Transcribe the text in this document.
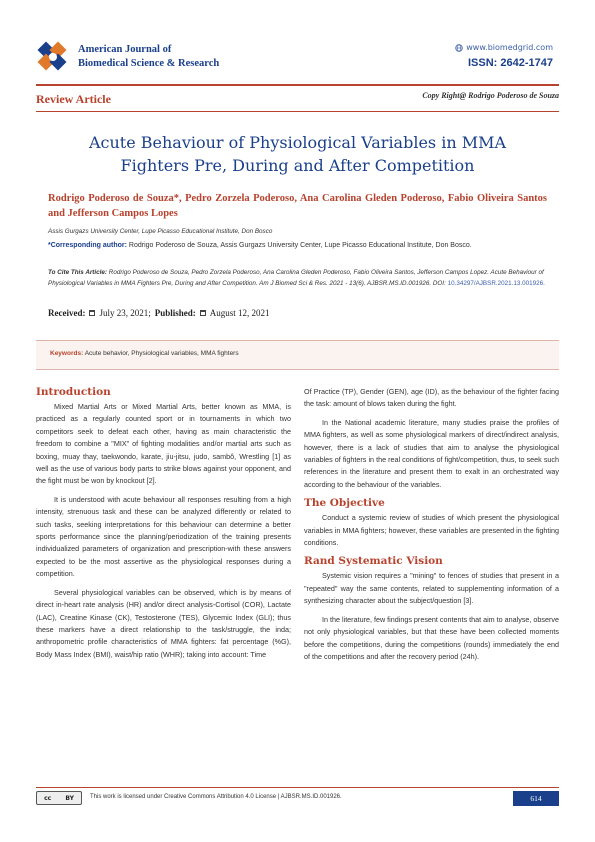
American Journal of
Biomedical Science & Research
www.biomedgrid.com
ISSN: 2642-1747
Review Article	Copy Right@ Rodrigo Poderoso de Souza
Acute Behaviour of Physiological Variables in MMA
Fighters Pre, During and After Competition
Rodrigo Poderoso de Souza*, Pedro Zorzela Poderoso, Ana Carolina Gleden Poderoso, Fabio Oliveira Santos and Jefferson Campos Lopes
Assis Gurgazs University Center, Lupe Picasso Educational Institute, Don Bosco
*Corresponding author: Rodrigo Poderoso de Souza, Assis Gurgazs University Center, Lupe Picasso Educational Institute, Don Bosco.
To Cite This Article: Rodrigo Poderoso de Souza, Pedro Zorzela Poderoso, Ana Carolina Gleden Poderoso, Fabio Oliveira Santos, Jefferson Campos Lopez. Acute Behaviour of Physiological Variables in MMA Fighters Pre, During and After Competition. Am J Biomed Sci & Res. 2021 - 13(6). AJBSR.MS.ID.001926. DOI: 10.34297/AJBSR.2021.13.001926.
Received: July 23, 2021; Published: August 12, 2021
Keywords: Acute behavior, Physiological variables, MMA fighters
Introduction

Mixed Martial Arts or Mixed Martial Arts, better known as MMA, is practiced as a regularly counted sport or in tournaments in which two competitors seek to defeat each other, having as main characteristic the freedom to combine a "MIX" of fighting modalities and/or martial arts such as boxing, muay thay, taekwondo, karate, jiu-jitsu, judo, sambô, Wrestling [1] as well as the use of various body parts to strike blows against your opponent, and the fight must be won by knockout [2].

It is understood with acute behaviour all responses resulting from a high intensity, strenuous task and these can be analyzed differently or related to such tasks, seeking interpretations for this behaviour can determine a better sports performance since the planning/periodization of the training presents individualized parameters of organization and prescription-with these answers expected to be the most assertive as the physiological responses during a competition.

Several physiological variables can be observed, which is by means of direct in-heart rate analysis (HR) and/or direct analysis-Cortisol (COR), Lactate (LAC), Creatine Kinase (CK), Testosterone (TES), Glycemic Index (GLI); thus these markers have a direct relationship to the task/struggle, the inda; anthropometric profile characteristics of MMA fighters: fat percentage (%G), Body Mass Index (BMI), waist/hip ratio (WHR); taking into account: Time

Of Practice (TP), Gender (GEN), age (ID), as the behaviour of the fighter facing the task: amount of blows taken during the fight.

In the National academic literature, many studies praise the profiles of MMA fighters, as well as some physiological markers of direct/indirect analysis, however, there is a lack of studies that aim to analyse the physiological variables of fighters in the real conditions of fight/competition, thus, to seek such references in the literature and present them to exalt in an orchestrated way according to the behaviour of the variables.

The Objective

Conduct a systemic review of studies of which present the physiological variables in MMA fighters; however, these variables are presented in the fighting conditions.

Rand Systematic Vision

Systemic vision requires a "mining" to fences of studies that present in a "repeated" way the same contents, related to supplementing information of a synthesizing character about the subject/question [3].

In the literature, few findings present contents that aim to analyse, observe not only physiological variables, but that these have been collected moments before the competitions, during the competitions (rounds) immediately the end of the competitions and after the recovery period (24h).

cc BY	This work is licensed under Creative Commons Attribution 4.0 License | AJBSR.MS.ID.001926.	614
